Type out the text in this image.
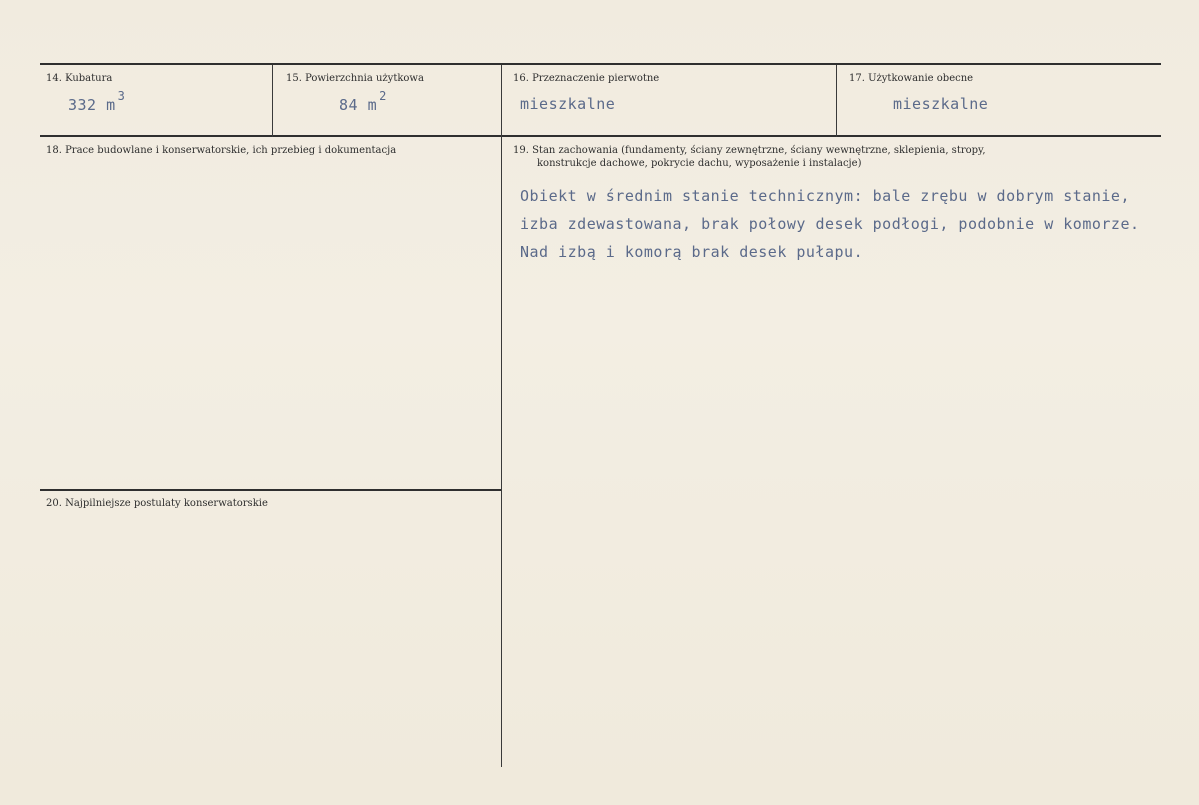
14. Kubatura
332 m $^3$
15. Powierzchnia użytkowa
84 m $^2$
16. Przeznaczenie pierwotne
mieszkalne
17. Użytkowanie obecne
mieszkalne
18. Prace budowlane i konserwatorskie, ich przebieg i dokumentacja	19. Stan zachowania (fundamenty, ściany zewnętrzne, ściany wewnętrzne, sklepienia, stropy,
konstrukcje dachowe, pokrycie dachu, wyposażenie i instalacje)
Obiekt w średnim stanie technicznym: bale zrębu w dobrym stanie,
izba zdewastowana, brak połowy desek podłogi, podobnie w komorze.
Nad izbą i komorą brak desek pułapu.
20. Najpilniejsze postulaty konserwatorskie
